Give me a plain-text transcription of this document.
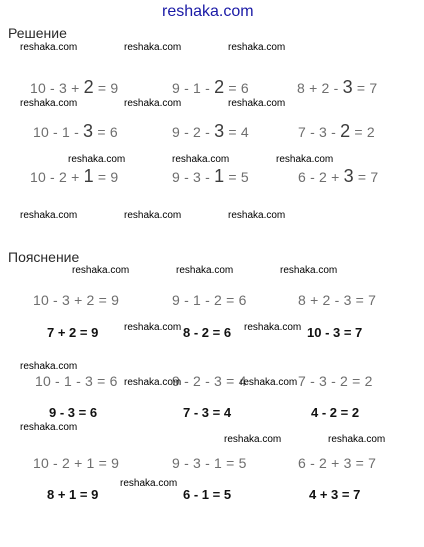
reshaka.com
Решение
reshaka.com	reshaka.com	reshaka.com
10 - 3 + 2 = 9	9 - 1 - 2 = 6	8 + 2 - 3 = 7
reshaka.com	reshaka.com	reshaka.com
10 - 1 - 3 = 6	9 - 2 - 3 = 4	7 - 3 - 2 = 2
reshaka.com	reshaka.com	reshaka.com
10 - 2 + 1 = 9	9 - 3 - 1 = 5	6 - 2 + 3 = 7
reshaka.com	reshaka.com	reshaka.com
Пояснение
reshaka.com	reshaka.com	reshaka.com
10 - 3 + 2 = 9	9 - 1 - 2 = 6	8 + 2 - 3 = 7
reshaka.com	reshaka.com
7 + 2 = 9	8 - 2 = 6	10 - 3 = 7
reshaka.com
10 - 1 - 3 = 6	9 - 2 - 3 = 4	7 - 3 - 2 = 2
reshaka.com	reshaka.com
9 - 3 = 6	7 - 3 = 4	4 - 2 = 2
reshaka.com
reshaka.com	reshaka.com
10 - 2 + 1 = 9	9 - 3 - 1 = 5	6 - 2 + 3 = 7
reshaka.com
8 + 1 = 9	6 - 1 = 5	4 + 3 = 7
